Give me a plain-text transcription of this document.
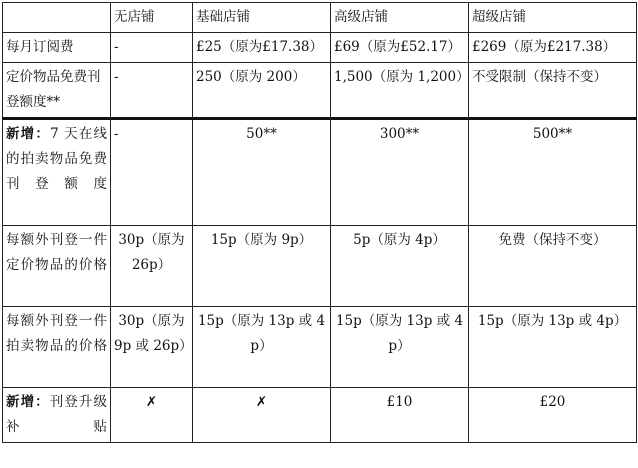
	无店铺	基础店铺	高级店铺	超级店铺
每月订阅费	-	£25（原为£17.38）	£69（原为£52.17）	£269（原为£217.38）
定价物品免费刊登额度**	-	250（原为 200）	1,500（原为 1,200）	不受限制（保持不变）
新增：7 天在线的拍卖物品免费刊登额度	-	50**	300**	500**
每额外刊登一件定价物品的价格	30p（原为 26p）	15p（原为 9p）	5p（原为 4p）	免费（保持不变）
每额外刊登一件拍卖物品的价格	30p（原为 9p 或 26p）	15p（原为 13p 或 4p）	15p（原为 13p 或 4p）	15p（原为 13p 或 4p）
新增：刊登升级补贴	✗	✗	£10	£20
